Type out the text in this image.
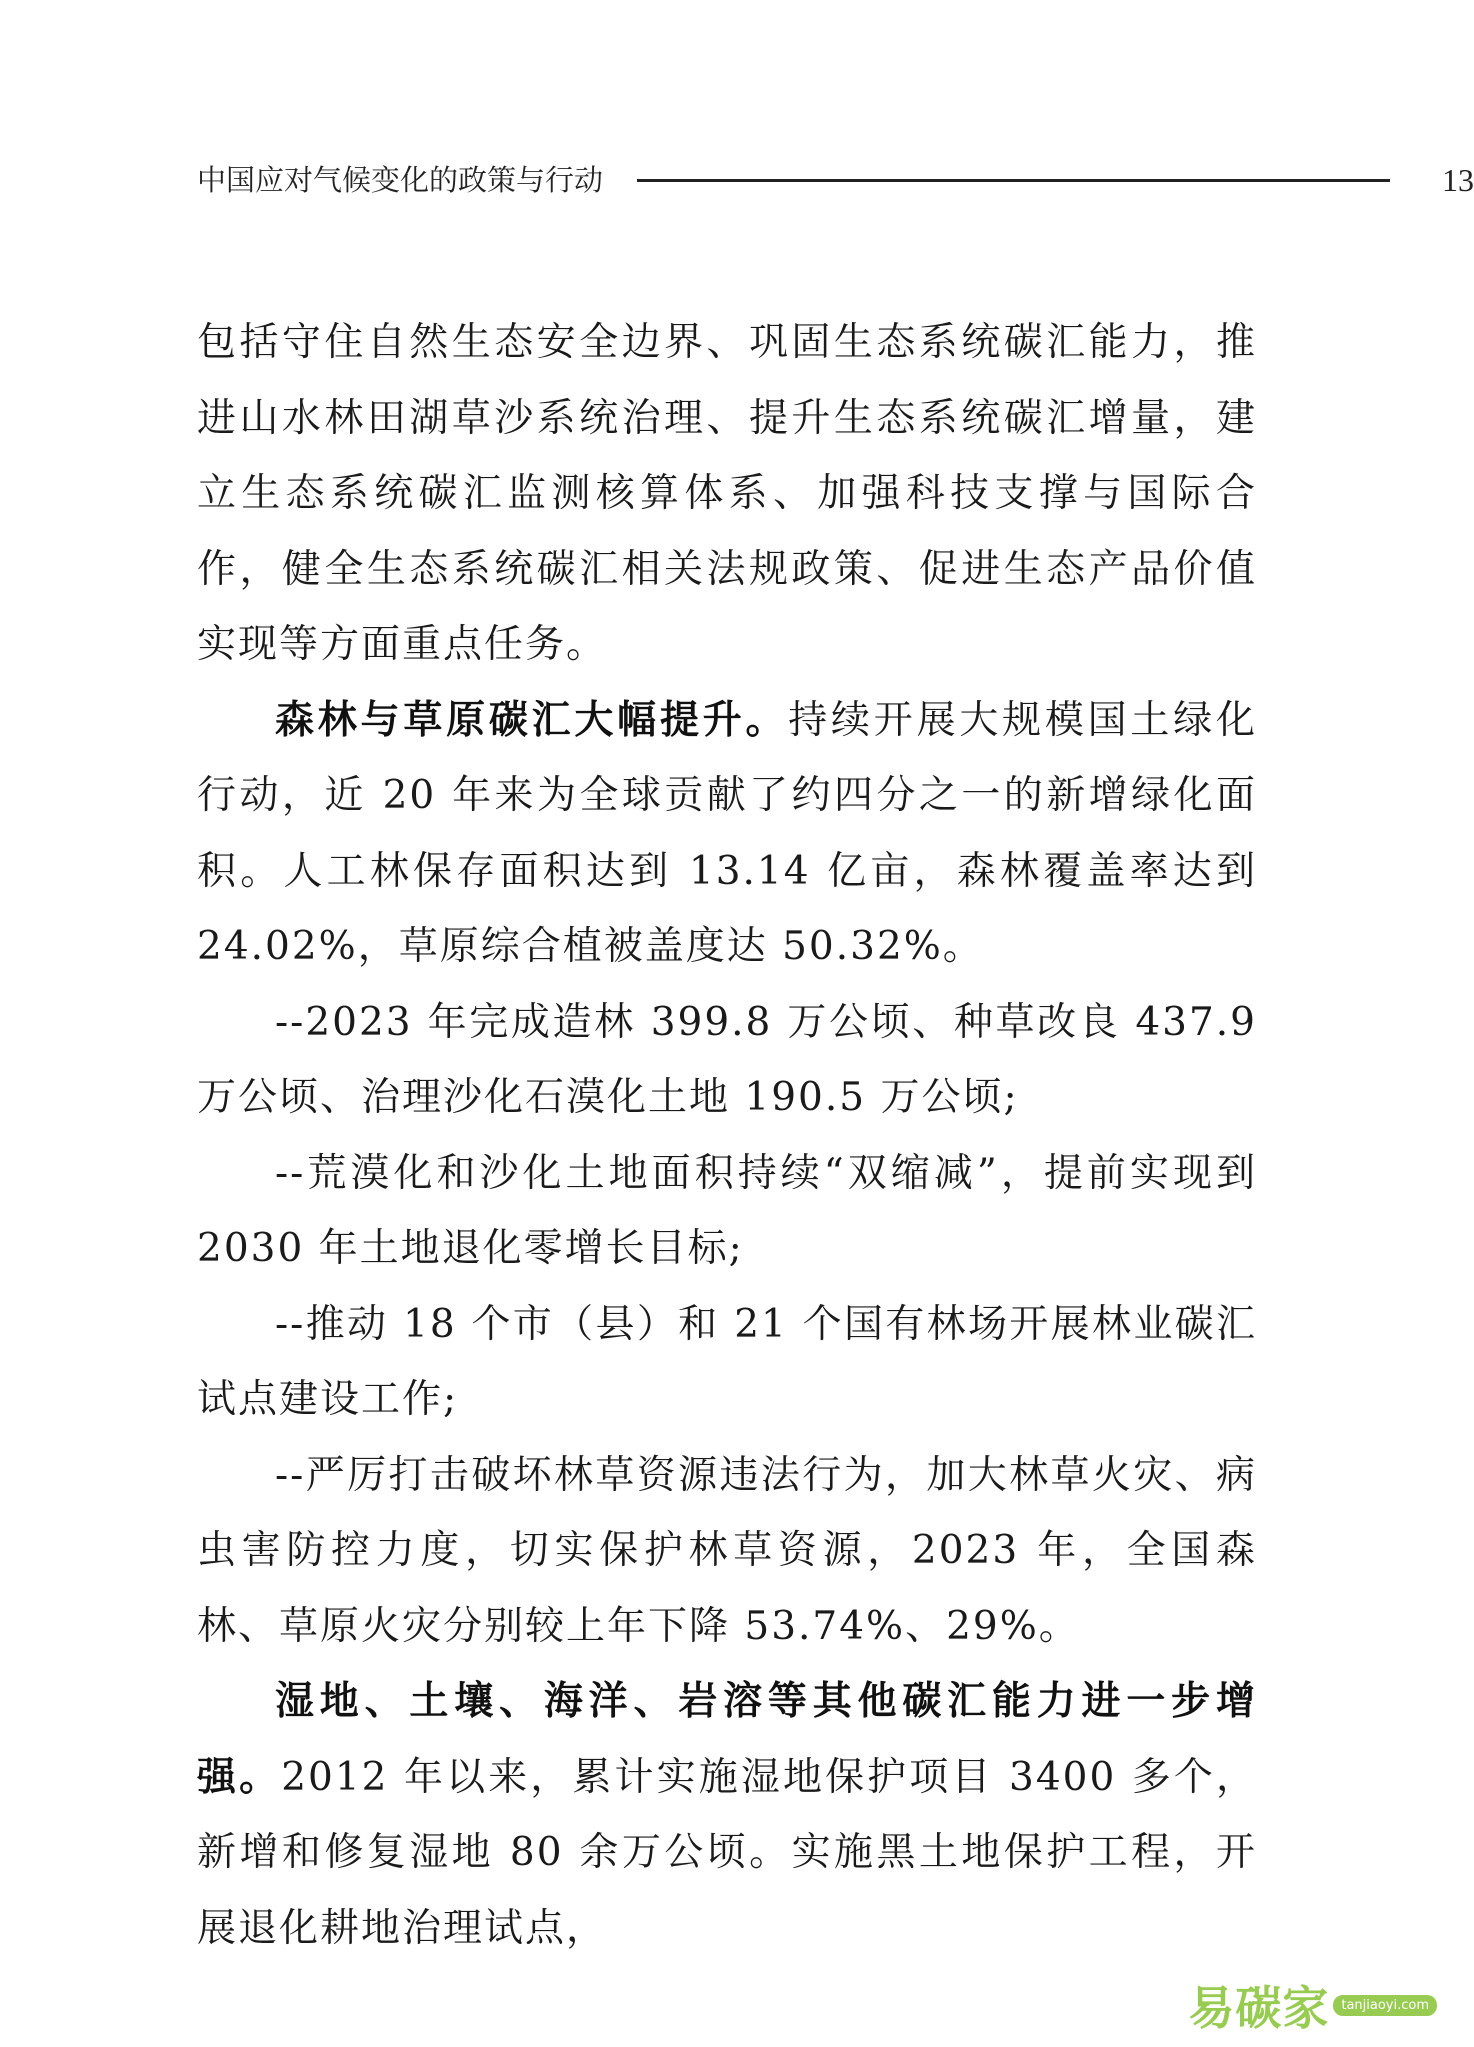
中国应对气候变化的政策与行动	13

包括守住自然生态安全边界、巩固生态系统碳汇能力，推进山水林田湖草沙系统治理、提升生态系统碳汇增量，建立生态系统碳汇监测核算体系、加强科技支撑与国际合作，健全生态系统碳汇相关法规政策、促进生态产品价值实现等方面重点任务。

森林与草原碳汇大幅提升。持续开展大规模国土绿化行动，近 20 年来为全球贡献了约四分之一的新增绿化面积。人工林保存面积达到 13.14 亿亩，森林覆盖率达到 24.02%，草原综合植被盖度达 50.32%。

--2023 年完成造林 399.8 万公顷、种草改良 437.9 万公顷、治理沙化石漠化土地 190.5 万公顷;

--荒漠化和沙化土地面积持续“双缩减”，提前实现到 2030 年土地退化零增长目标;

--推动 18 个市（县）和 21 个国有林场开展林业碳汇试点建设工作;

--严厉打击破坏林草资源违法行为，加大林草火灾、病虫害防控力度，切实保护林草资源，2023 年，全国森林、草原火灾分别较上年下降 53.74%、29%。

湿地、土壤、海洋、岩溶等其他碳汇能力进一步增强。2012 年以来，累计实施湿地保护项目 3400 多个，新增和修复湿地 80 余万公顷。实施黑土地保护工程，开展退化耕地治理试点，

易碳家 tanjiaoyi.com
